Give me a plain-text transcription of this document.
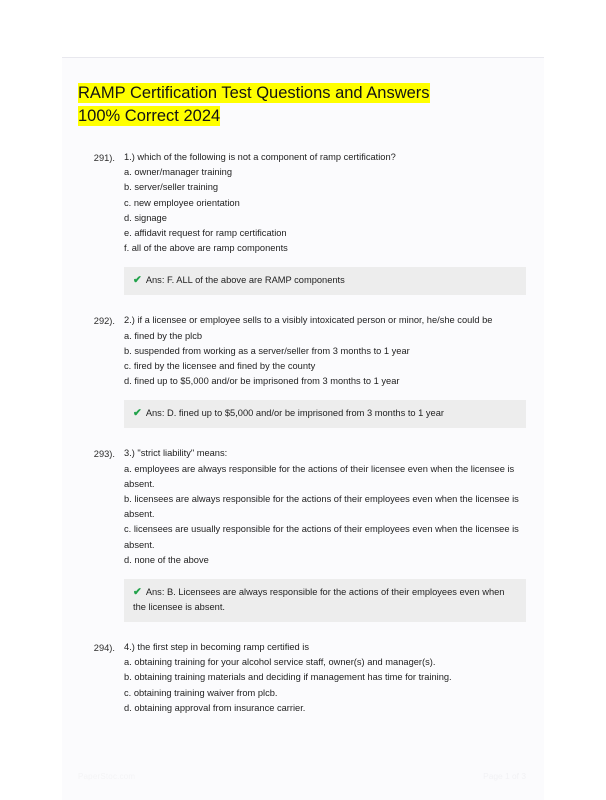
RAMP Certification Test Questions and Answers
100% Correct 2024
291). 1.) which of the following is not a component of ramp certification?

a. owner/manager training

b. server/seller training

c. new employee orientation

d. signage

e. affidavit request for ramp certification

f. all of the above are ramp components

✔ Ans: F. ALL of the above are RAMP components

292). 2.) if a licensee or employee sells to a visibly intoxicated person or minor, he/she could be

a. fined by the plcb

b. suspended from working as a server/seller from 3 months to 1 year

c. fired by the licensee and fined by the county

d. fined up to $5,000 and/or be imprisoned from 3 months to 1 year

✔ Ans: D. fined up to $5,000 and/or be imprisoned from 3 months to 1 year

293). 3.) "strict liability" means:

a. employees are always responsible for the actions of their licensee even when the licensee is absent.

b. licensees are always responsible for the actions of their employees even when the licensee is absent.

c. licensees are usually responsible for the actions of their employees even when the licensee is absent.

d. none of the above

✔ Ans: B. Licensees are always responsible for the actions of their employees even when the licensee is absent.

294). 4.) the first step in becoming ramp certified is

a. obtaining training for your alcohol service staff, owner(s) and manager(s).

b. obtaining training materials and deciding if management has time for training.

c. obtaining training waiver from plcb.

d. obtaining approval from insurance carrier.

PaperStoc.com	Page 1 of 3
